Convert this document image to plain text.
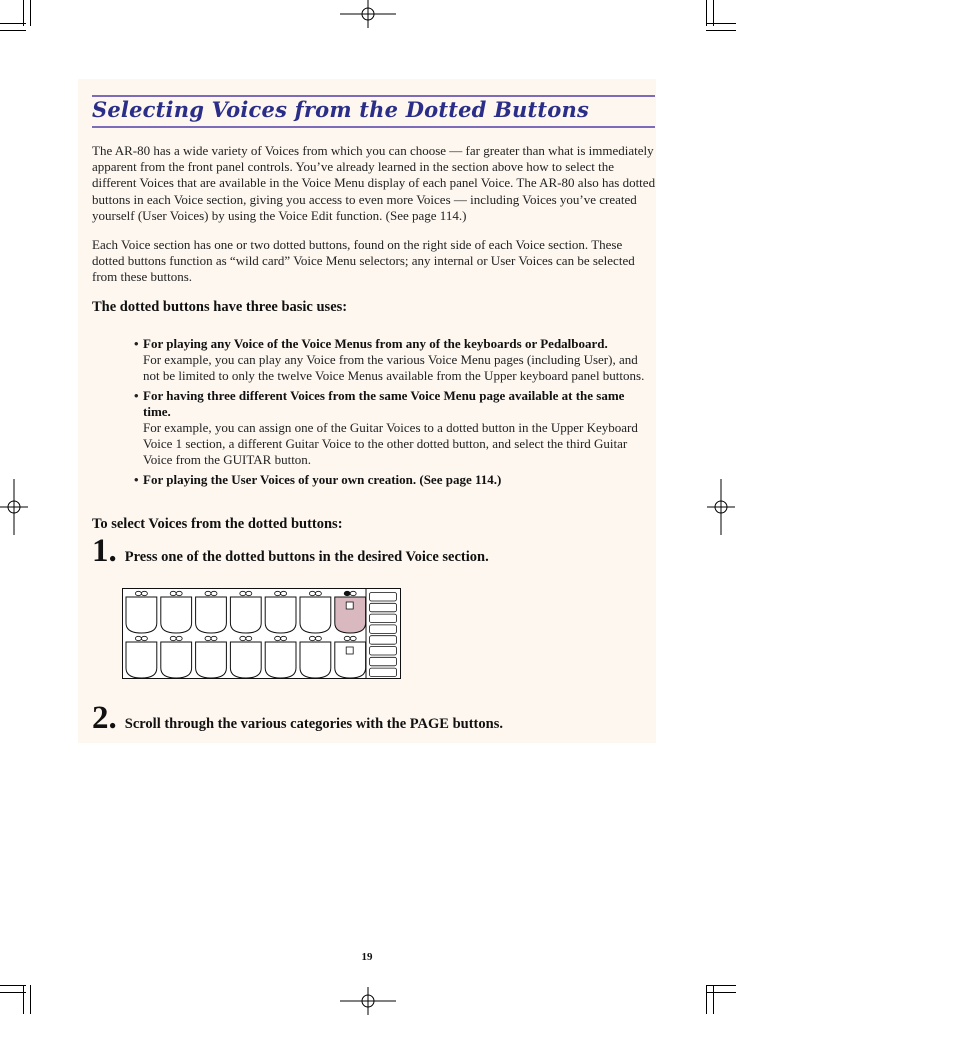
Selecting Voices from the Dotted Buttons

The AR-80 has a wide variety of Voices from which you can choose — far greater than what is immediately apparent from the front panel controls. You’ve already learned in the section above how to select the different Voices that are available in the Voice Menu display of each panel Voice. The AR-80 also has dotted buttons in each Voice section, giving you access to even more Voices — including Voices you’ve created yourself (User Voices) by using the Voice Edit function. (See page 114.)

Each Voice section has one or two dotted buttons, found on the right side of each Voice section. These dotted buttons function as “wild card” Voice Menu selectors; any internal or User Voices can be selected from these buttons.

The dotted buttons have three basic uses:
• For playing any Voice of the Voice Menus from any of the keyboards or Pedalboard.
For example, you can play any Voice from the various Voice Menu pages (including User), and not be limited to only the twelve Voice Menus available from the Upper keyboard panel buttons.
• For having three different Voices from the same Voice Menu page available at the same time.
For example, you can assign one of the Guitar Voices to a dotted button in the Upper Keyboard Voice 1 section, a different Guitar Voice to the other dotted button, and select the third Guitar Voice from the GUITAR button.
• For playing the User Voices of your own creation. (See page 114.)
To select Voices from the dotted buttons:
1. Press one of the dotted buttons in the desired Voice section.
2. Scroll through the various categories with the PAGE buttons.
19
